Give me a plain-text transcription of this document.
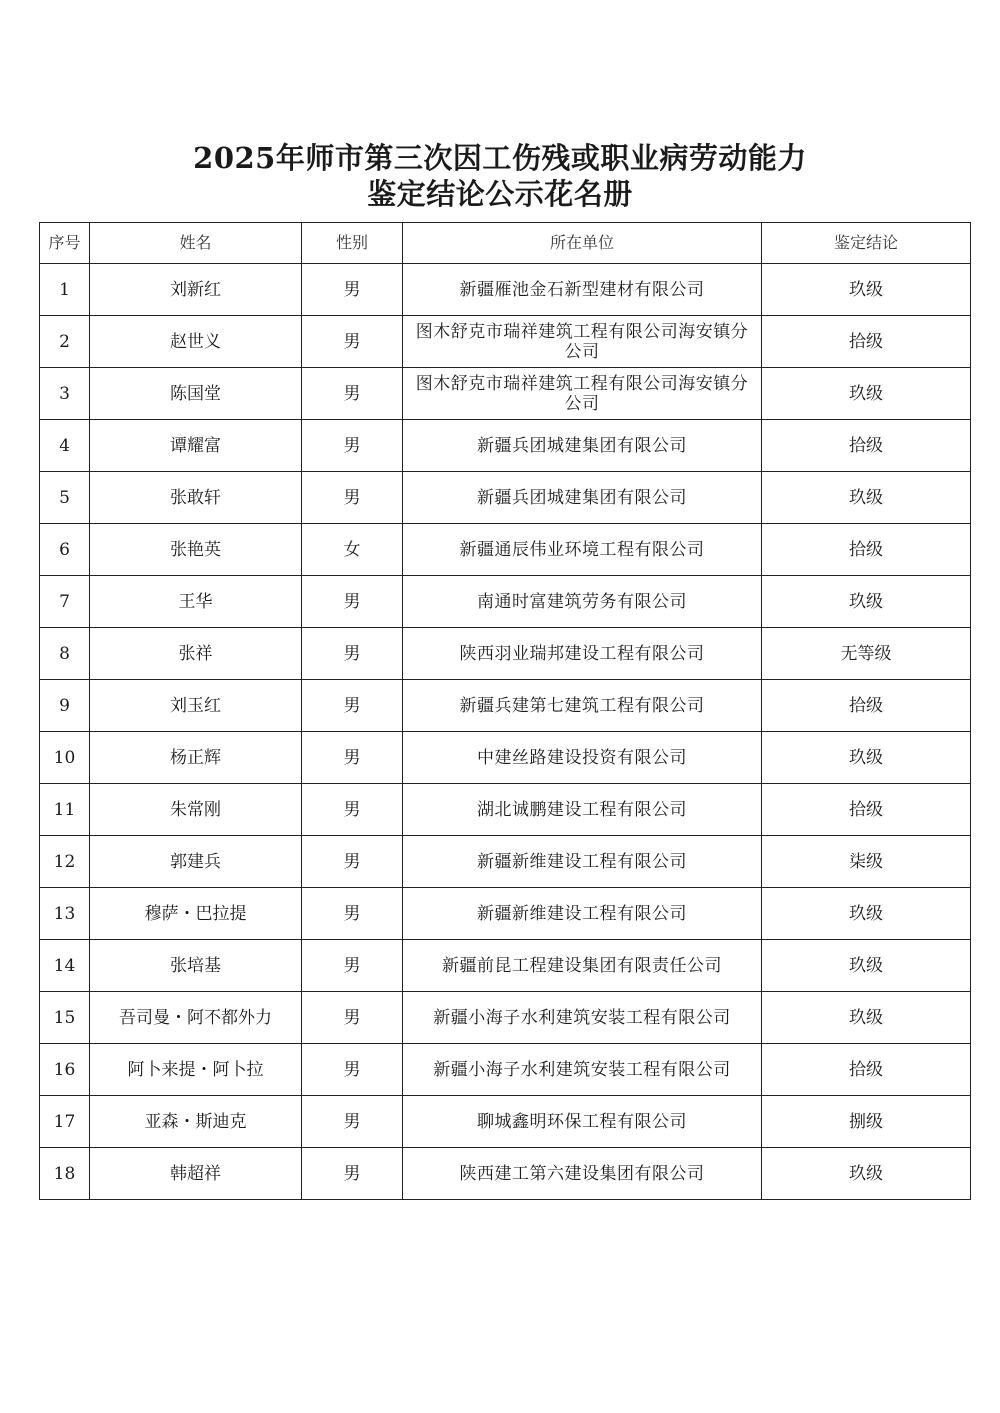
2025年师市第三次因工伤残或职业病劳动能力
鉴定结论公示花名册
序号	姓名	性别	所在单位	鉴定结论
1	刘新红	男	新疆雁池金石新型建材有限公司	玖级
2	赵世义	男	图木舒克市瑞祥建筑工程有限公司海安镇分公司	拾级
3	陈国堂	男	图木舒克市瑞祥建筑工程有限公司海安镇分公司	玖级
4	谭耀富	男	新疆兵团城建集团有限公司	拾级
5	张敢轩	男	新疆兵团城建集团有限公司	玖级
6	张艳英	女	新疆通辰伟业环境工程有限公司	拾级
7	王华	男	南通时富建筑劳务有限公司	玖级
8	张祥	男	陕西羽业瑞邦建设工程有限公司	无等级
9	刘玉红	男	新疆兵建第七建筑工程有限公司	拾级
10	杨正辉	男	中建丝路建设投资有限公司	玖级
11	朱常刚	男	湖北诚鹏建设工程有限公司	拾级
12	郭建兵	男	新疆新维建设工程有限公司	柒级
13	穆萨・巴拉提	男	新疆新维建设工程有限公司	玖级
14	张培基	男	新疆前昆工程建设集团有限责任公司	玖级
15	吾司曼・阿不都外力	男	新疆小海子水利建筑安装工程有限公司	玖级
16	阿卜来提・阿卜拉	男	新疆小海子水利建筑安装工程有限公司	拾级
17	亚森・斯迪克	男	聊城鑫明环保工程有限公司	捌级
18	韩超祥	男	陕西建工第六建设集团有限公司	玖级
